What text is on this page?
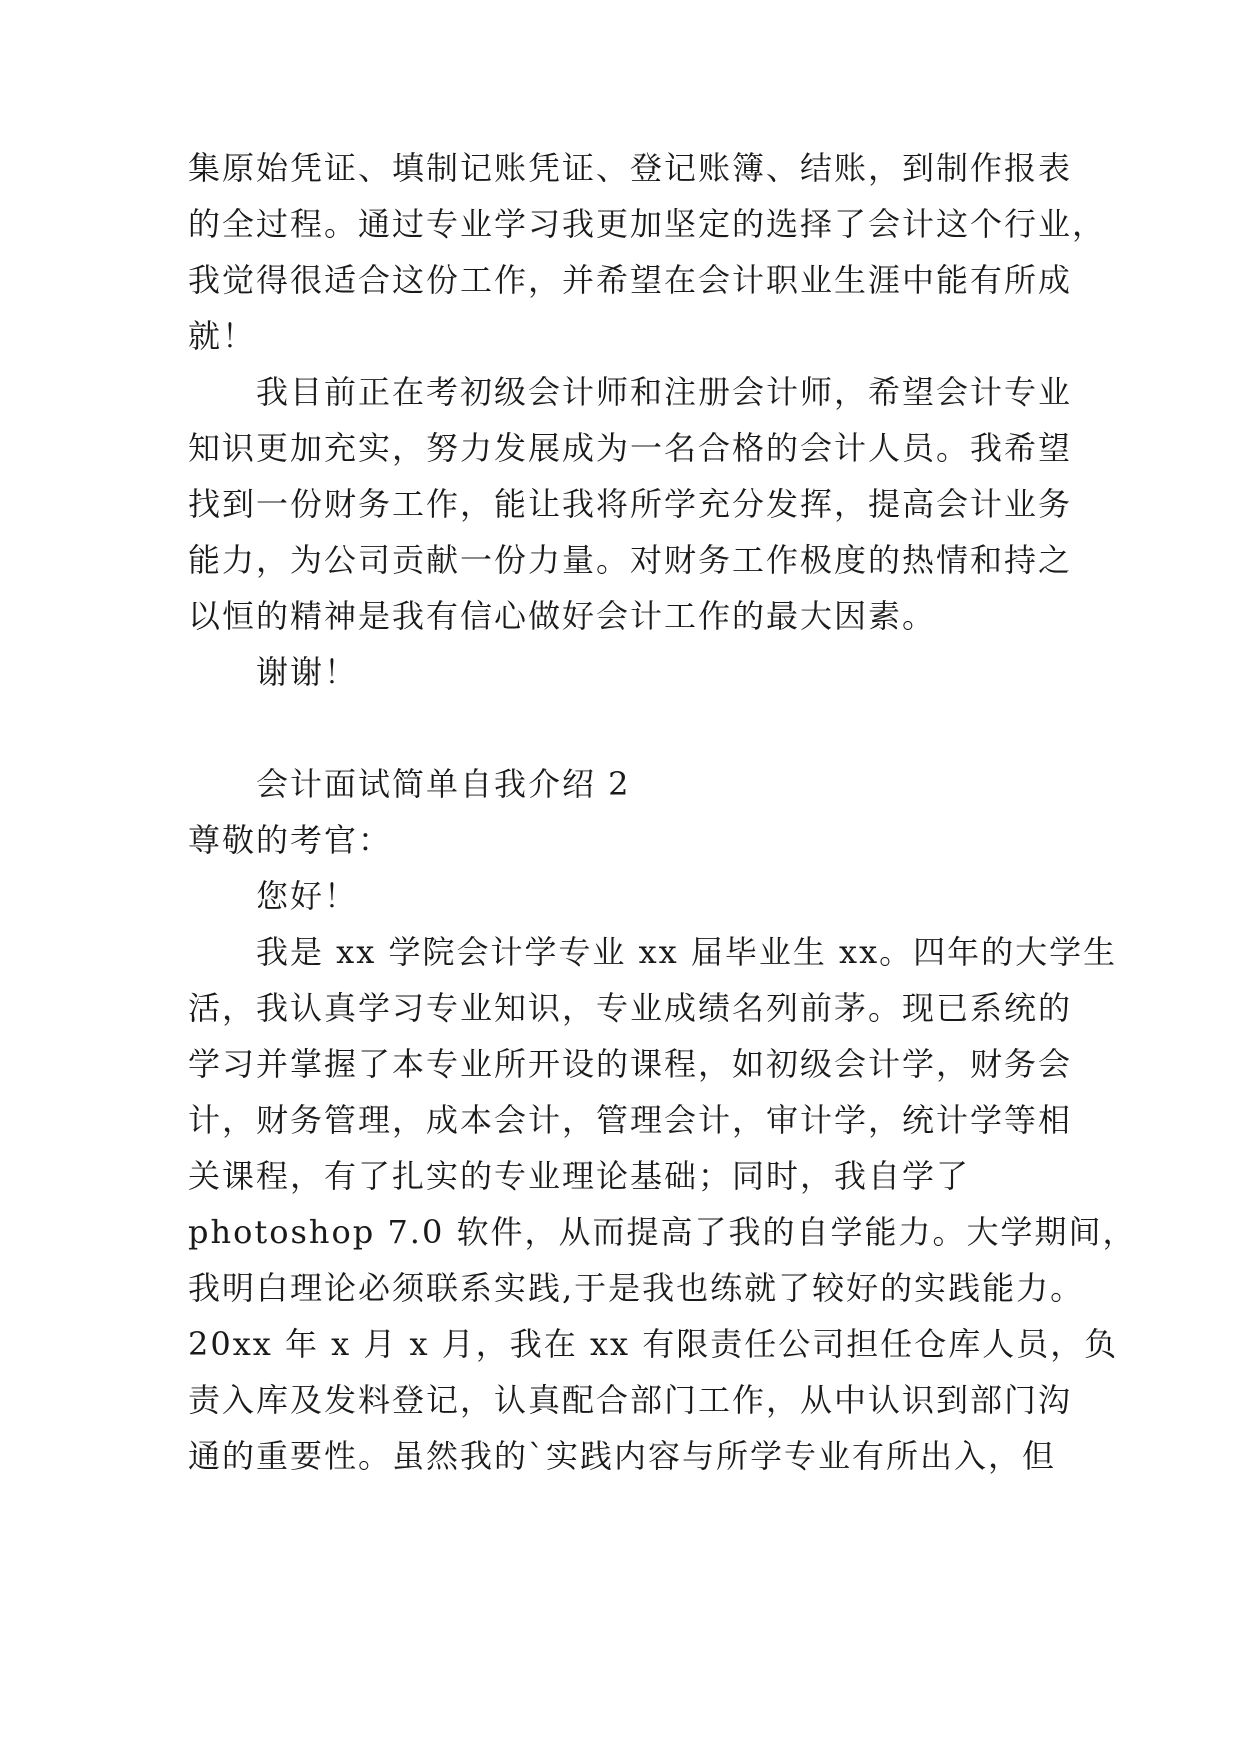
集原始凭证、填制记账凭证、登记账簿、结账，到制作报表
的全过程。通过专业学习我更加坚定的选择了会计这个行业，
我觉得很适合这份工作，并希望在会计职业生涯中能有所成
就！
我目前正在考初级会计师和注册会计师，希望会计专业
知识更加充实，努力发展成为一名合格的会计人员。我希望
找到一份财务工作，能让我将所学充分发挥，提高会计业务
能力，为公司贡献一份力量。对财务工作极度的热情和持之
以恒的精神是我有信心做好会计工作的最大因素。
谢谢！
会计面试简单自我介绍 2
尊敬的考官：
您好！
我是 xx 学院会计学专业 xx 届毕业生 xx。四年的大学生
活，我认真学习专业知识，专业成绩名列前茅。现已系统的
学习并掌握了本专业所开设的课程，如初级会计学，财务会
计，财务管理，成本会计，管理会计，审计学，统计学等相
关课程，有了扎实的专业理论基础；同时，我自学了
photoshop 7.0 软件，从而提高了我的自学能力。大学期间，
我明白理论必须联系实践,于是我也练就了较好的实践能力。
20xx 年 x 月 x 月，我在 xx 有限责任公司担任仓库人员，负
责入库及发料登记，认真配合部门工作，从中认识到部门沟
通的重要性。虽然我的`实践内容与所学专业有所出入，但
